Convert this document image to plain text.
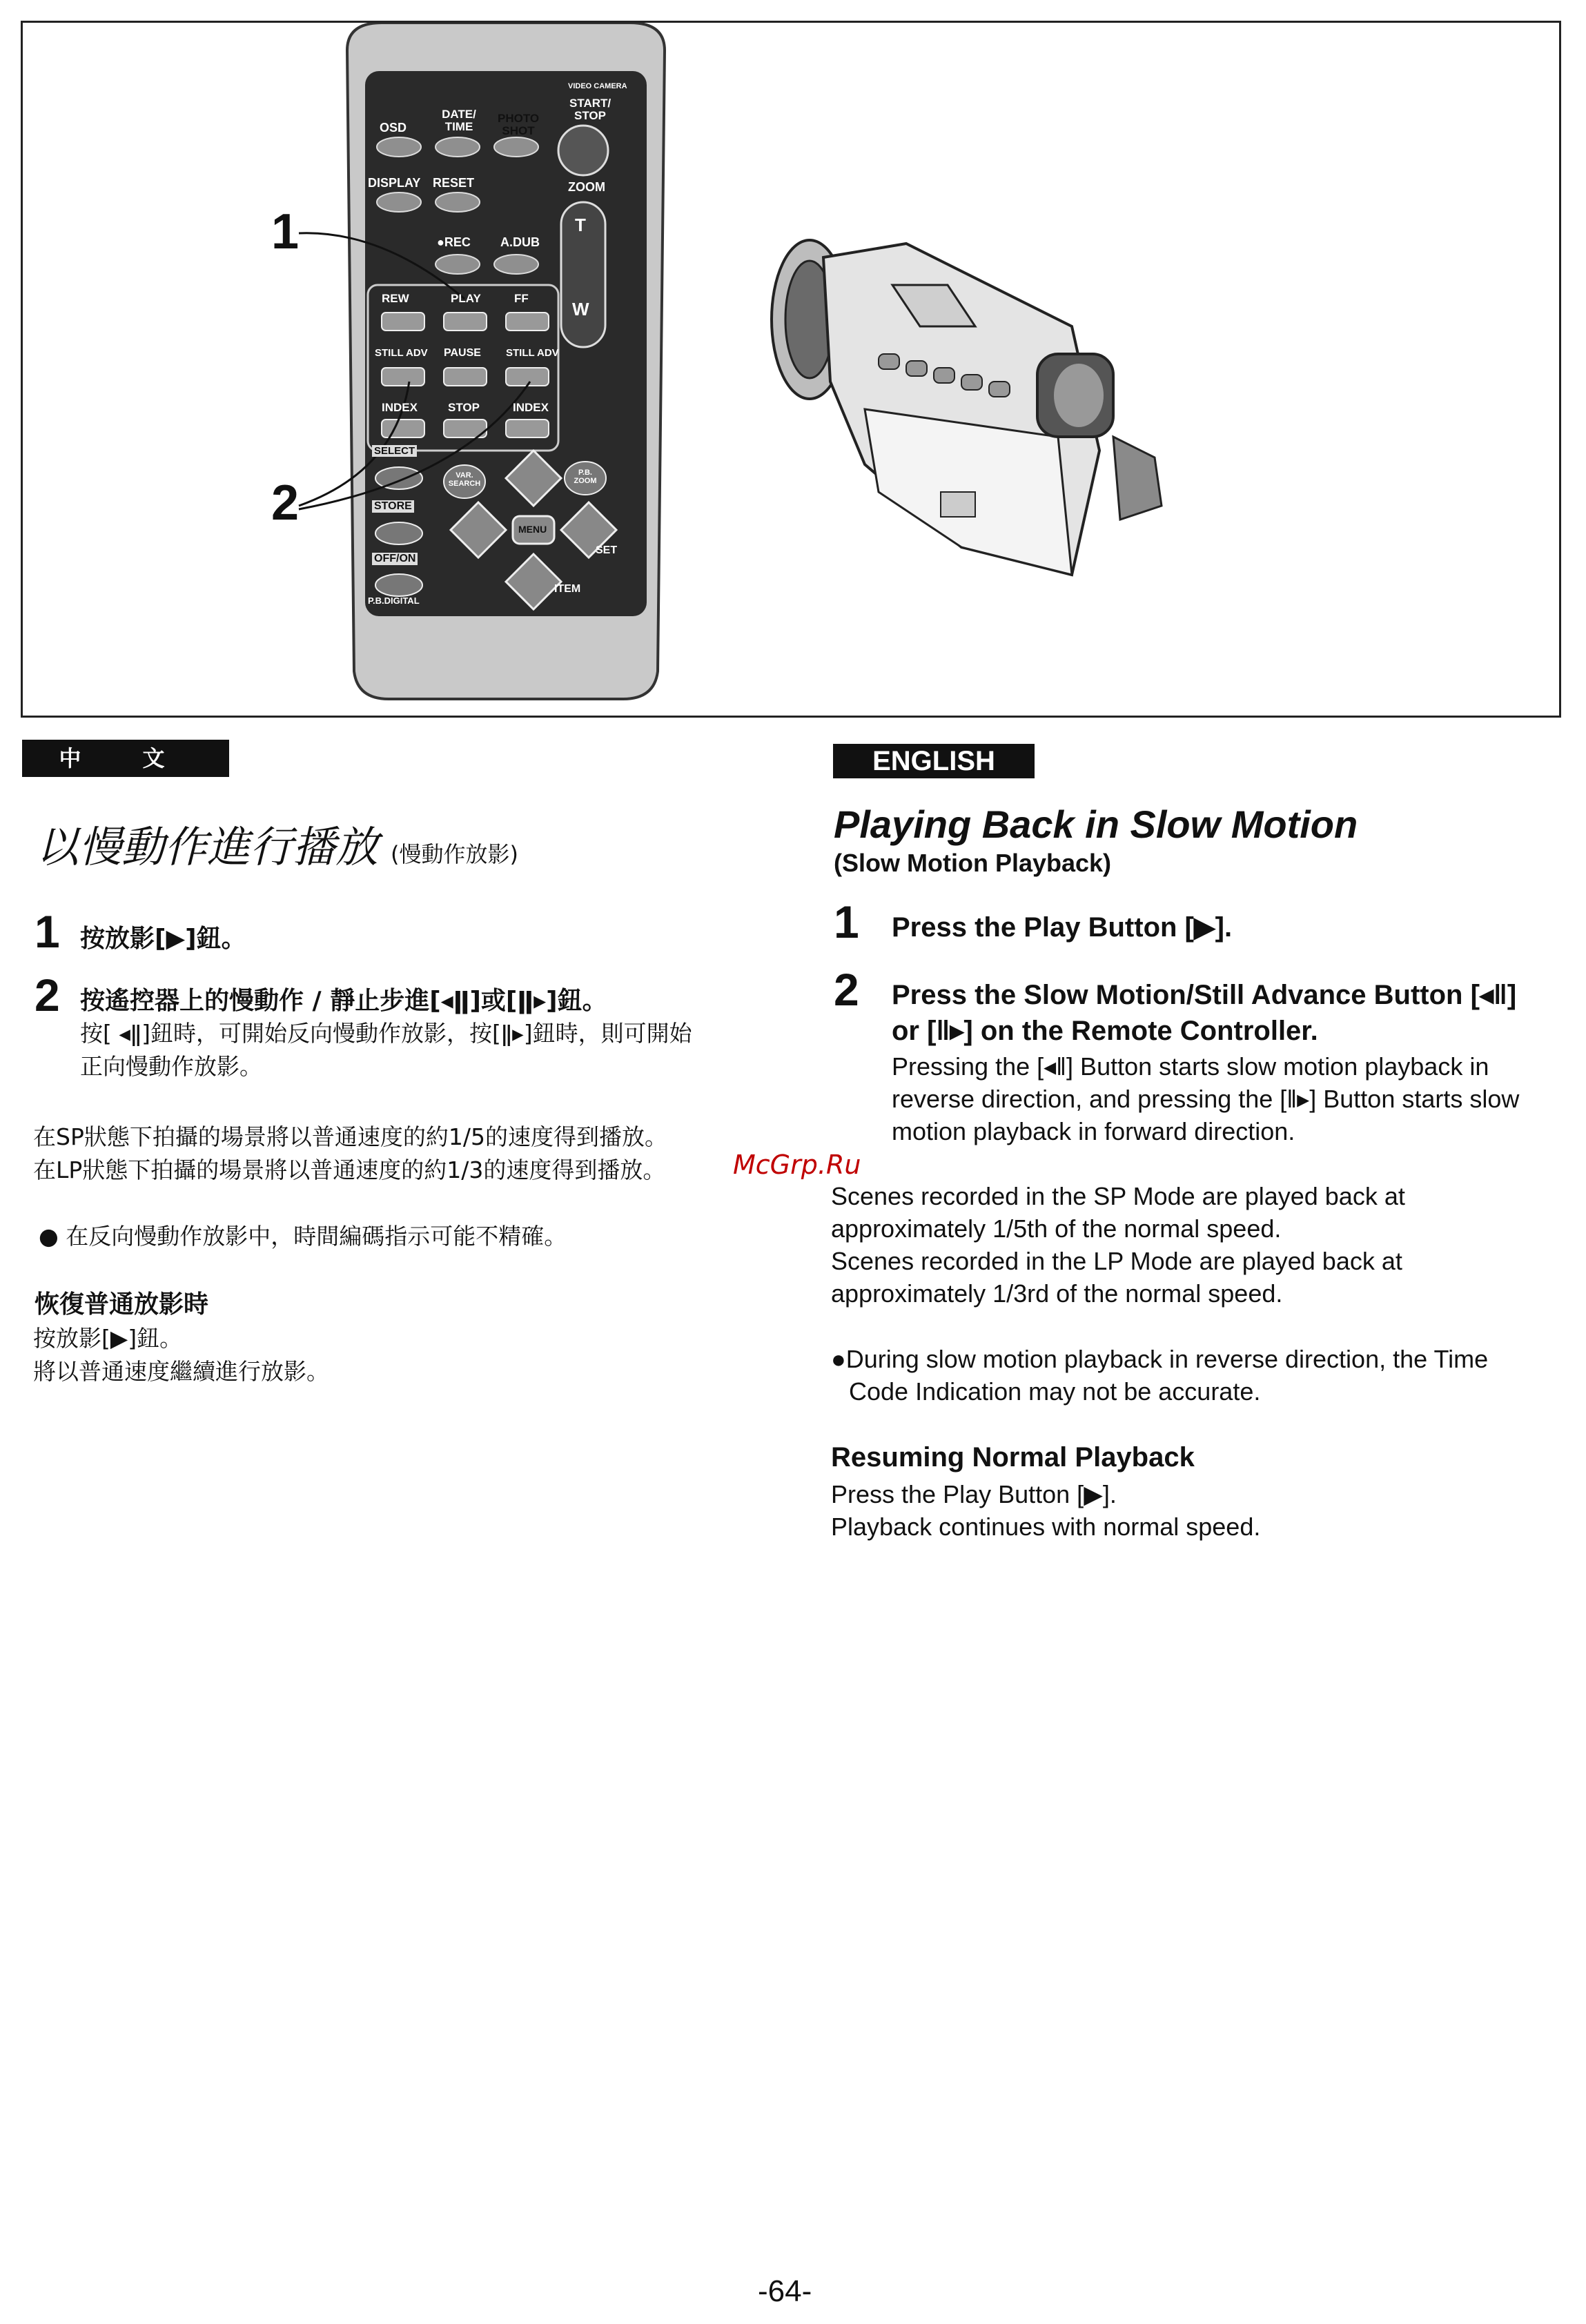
1
2
VIDEO CAMERA
START/ STOP
OSD
DATE/ TIME
PHOTO SHOT
DISPLAY RESET	ZOOM
●REC A.DUB
T
W
REW	PLAY	FF
STILL ADV PAUSE STILL ADV
INDEX	STOP	INDEX
SELECT
VAR. SEARCH
P.B. ZOOM
STORE
MENU
OFF/ON
P.B.DIGITAL
SET
ITEM
中 文	ENGLISH
以慢動作進行播放 (慢動作放影)
1 按放影[▶]鈕。
2 按遙控器上的慢動作 / 靜止步進[◂ǁ]或[ǁ▸]鈕。
按[ ◂ǁ]鈕時，可開始反向慢動作放影，按[ǁ▸]鈕時，則可開始
正向慢動作放影。
在SP狀態下拍攝的場景將以普通速度的約1/5的速度得到播放。
在LP狀態下拍攝的場景將以普通速度的約1/3的速度得到播放。
● 在反向慢動作放影中，時間編碼指示可能不精確。
恢復普通放影時
按放影[▶]鈕。
將以普通速度繼續進行放影。
McGrp.Ru
Playing Back in Slow Motion
(Slow Motion Playback)
1 Press the Play Button [▶].
2 Press the Slow Motion/Still Advance Button [◂ǁ]
or [ǁ▸] on the Remote Controller.
Pressing the [◂ǁ] Button starts slow motion playback in
reverse direction, and pressing the [ǁ▸] Button starts slow
motion playback in forward direction.
Scenes recorded in the SP Mode are played back at
approximately 1/5th of the normal speed.
Scenes recorded in the LP Mode are played back at
approximately 1/3rd of the normal speed.
●During slow motion playback in reverse direction, the Time
Code Indication may not be accurate.
Resuming Normal Playback
Press the Play Button [▶].
Playback continues with normal speed.
-64-
